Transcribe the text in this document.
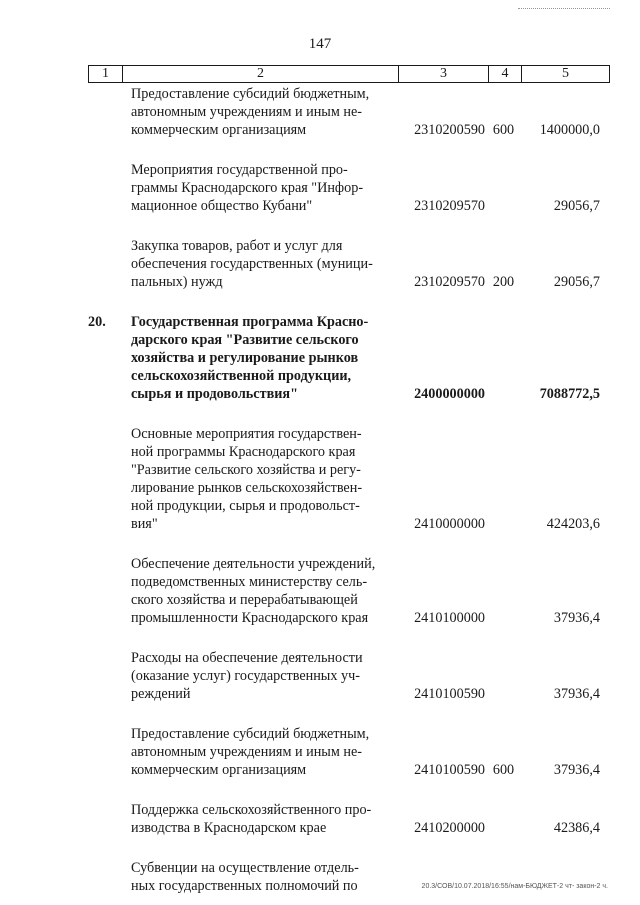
147
1	2	3	4	5
Предоставление субсидий бюджетным,
автономным учреждениям и иным не-
коммерческим организациям	2310200590 600	1400000,0
Мероприятия государственной про-
граммы Краснодарского края "Инфор-
мационное общество Кубани"	2310209570	29056,7
Закупка товаров, работ и услуг для
обеспечения государственных (муници-
пальных) нужд	2310209570 200	29056,7
20.	Государственная программа Красно-
дарского края "Развитие сельского
хозяйства и регулирование рынков
сельскохозяйственной продукции,
сырья и продовольствия"	2400000000	7088772,5
Основные мероприятия государствен-
ной программы Краснодарского края
"Развитие сельского хозяйства и регу-
лирование рынков сельскохозяйствен-
ной продукции, сырья и продовольст-
вия"	2410000000	424203,6
Обеспечение деятельности учреждений,
подведомственных министерству сель-
ского хозяйства и перерабатывающей
промышленности Краснодарского края	2410100000	37936,4
Расходы на обеспечение деятельности
(оказание услуг) государственных уч-
реждений	2410100590	37936,4
Предоставление субсидий бюджетным,
автономным учреждениям и иным не-
коммерческим организациям	2410100590 600	37936,4
Поддержка сельскохозяйственного про-
изводства в Краснодарском крае	2410200000	42386,4
Субвенции на осуществление отдель-
ных государственных полномочий по	20.3/СОВ/10.07.2018/16:55/нам-БЮДЖЕТ-2 чт- закон-2 ч.
